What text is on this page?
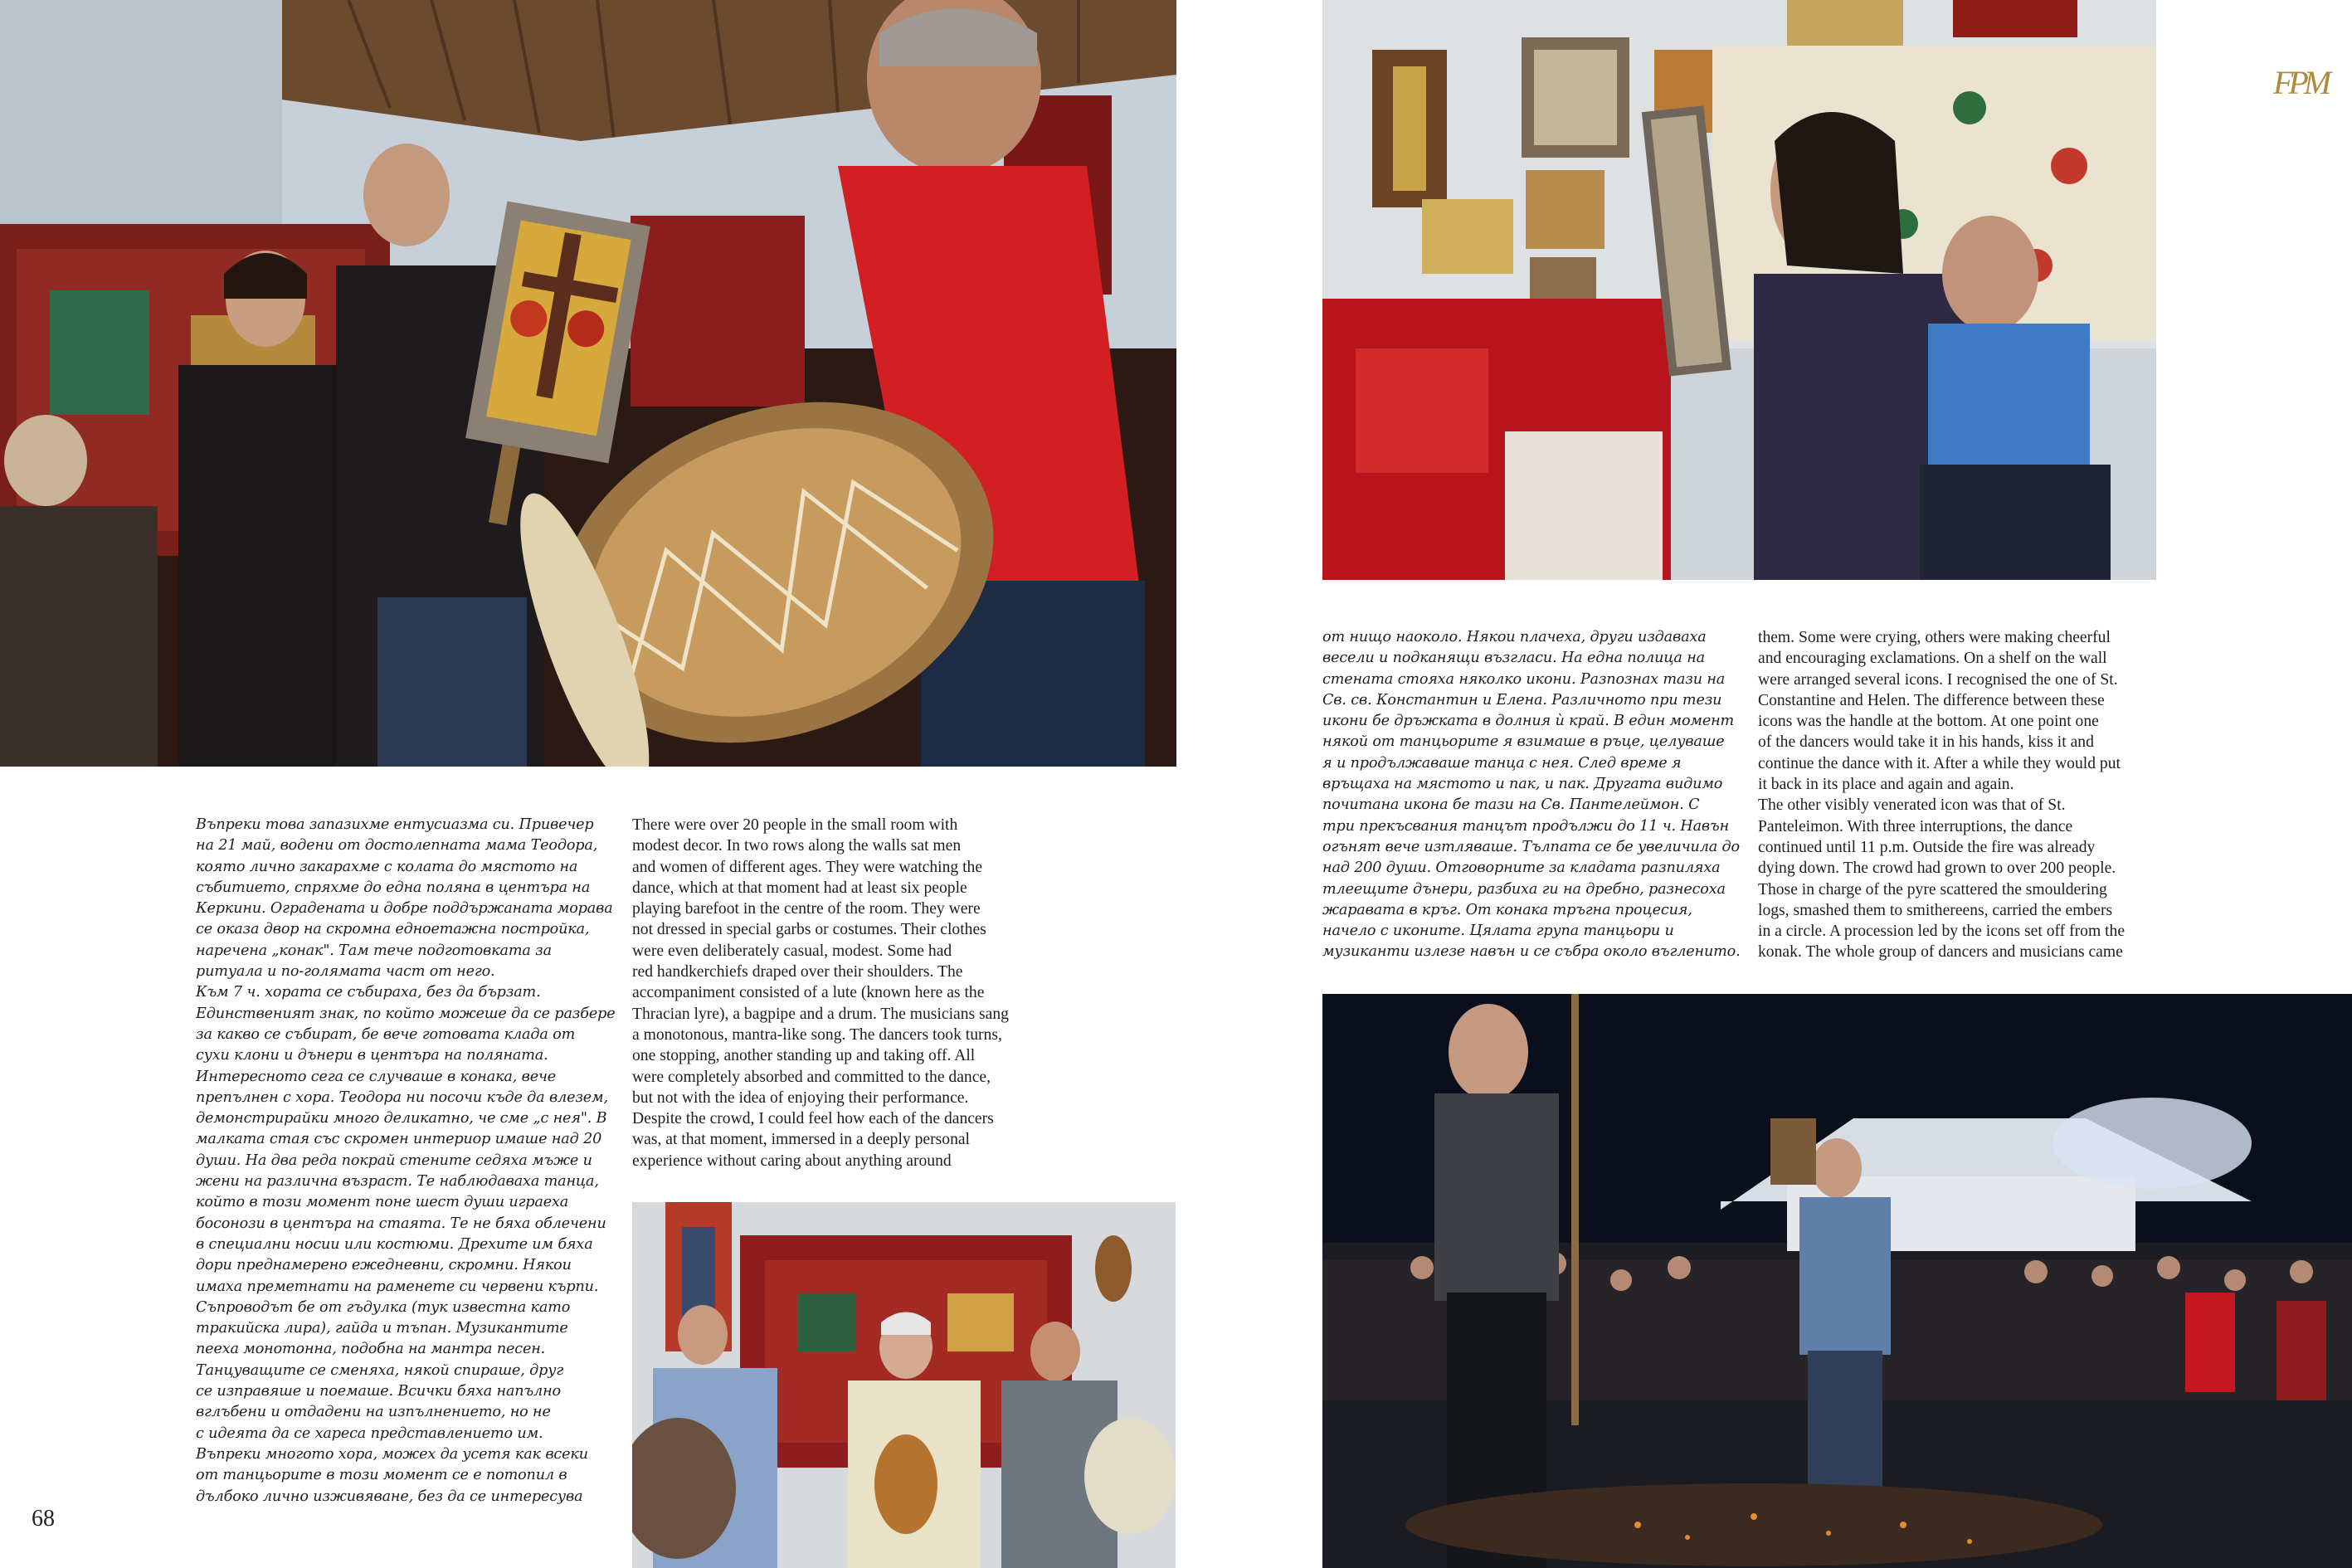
FPM
68
Въпреки това запазихме ентусиазма си. Привечер
на 21 май, водени от достолепната мама Теодора,
която лично закарахме с колата до мястото на
събитието, спряхме до една поляна в центъра на
Керкини. Оградената и добре поддържаната морава
се оказа двор на скромна едноетажна постройка,
наречена „конак". Там тече подготовката за
ритуала и по-голямата част от него.
Към 7 ч. хората се събираха, без да бързат.
Единственият знак, по който можеше да се разбере
за какво се събират, бе вече готовата клада от
сухи клони и дънери в центъра на поляната.
Интересното сега се случваше в конака, вече
препълнен с хора. Теодора ни посочи къде да влезем,
демонстрирайки много деликатно, че сме „с нея". В
малката стая със скромен интериор имаше над 20
души. На два реда покрай стените седяха мъже и
жени на различна възраст. Те наблюдаваха танца,
който в този момент поне шест души играеха
босонози в центъра на стаята. Те не бяха облечени
в специални носии или костюми. Дрехите им бяха
дори преднамерено ежедневни, скромни. Някои
имаха преметнати на раменете си червени кърпи.
Съпроводът бе от гъдулка (тук известна като
тракийска лира), гайда и тъпан. Музикантите
пееха монотонна, подобна на мантра песен.
Танцуващите се сменяха, някой спираше, друг
се изправяше и поемаше. Всички бяха напълно
вглъбени и отдадени на изпълнението, но не
с идеята да се хареса представлението им.
Въпреки многото хора, можех да усетя как всеки
от танцьорите в този момент се е потопил в
дълбоко лично изживяване, без да се интересува
There were over 20 people in the small room with
modest decor. In two rows along the walls sat men
and women of different ages. They were watching the
dance, which at that moment had at least six people
playing barefoot in the centre of the room. They were
not dressed in special garbs or costumes. Their clothes
were even deliberately casual, modest. Some had
red handkerchiefs draped over their shoulders. The
accompaniment consisted of a lute (known here as the
Thracian lyre), a bagpipe and a drum. The musicians sang
a monotonous, mantra-like song. The dancers took turns,
one stopping, another standing up and taking off. All
were completely absorbed and committed to the dance,
but not with the idea of enjoying their performance.
Despite the crowd, I could feel how each of the dancers
was, at that moment, immersed in a deeply personal
experience without caring about anything around
от нищо наоколо. Някои плачеха, други издаваха
весели и подканящи възгласи. На една полица на
стената стояха няколко икони. Разпознах тази на
Св. св. Константин и Елена. Различното при тези
икони бе дръжката в долния ѝ край. В един момент
някой от танцьорите я взимаше в ръце, целуваше
я и продължаваше танца с нея. След време я
връщаха на мястото и пак, и пак. Другата видимо
почитана икона бе тази на Св. Пантелеймон. С
три прекъсвания танцът продължи до 11 ч. Навън
огънят вече изтляваше. Тълпата се бе увеличила до
над 200 души. Отговорните за кладата разпиляха
тлеещите дънери, разбиха ги на дребно, разнесоха
жаравата в кръг. От конака тръгна процесия,
начело с иконите. Цялата група танцьори и
музиканти излезе навън и се събра около въгленито.
them. Some were crying, others were making cheerful
and encouraging exclamations. On a shelf on the wall
were arranged several icons. I recognised the one of St.
Constantine and Helen. The difference between these
icons was the handle at the bottom. At one point one
of the dancers would take it in his hands, kiss it and
continue the dance with it. After a while they would put
it back in its place and again and again.
The other visibly venerated icon was that of St.
Panteleimon. With three interruptions, the dance
continued until 11 p.m. Outside the fire was already
dying down. The crowd had grown to over 200 people.
Those in charge of the pyre scattered the smouldering
logs, smashed them to smithereens, carried the embers
in a circle. A procession led by the icons set off from the
konak. The whole group of dancers and musicians came
